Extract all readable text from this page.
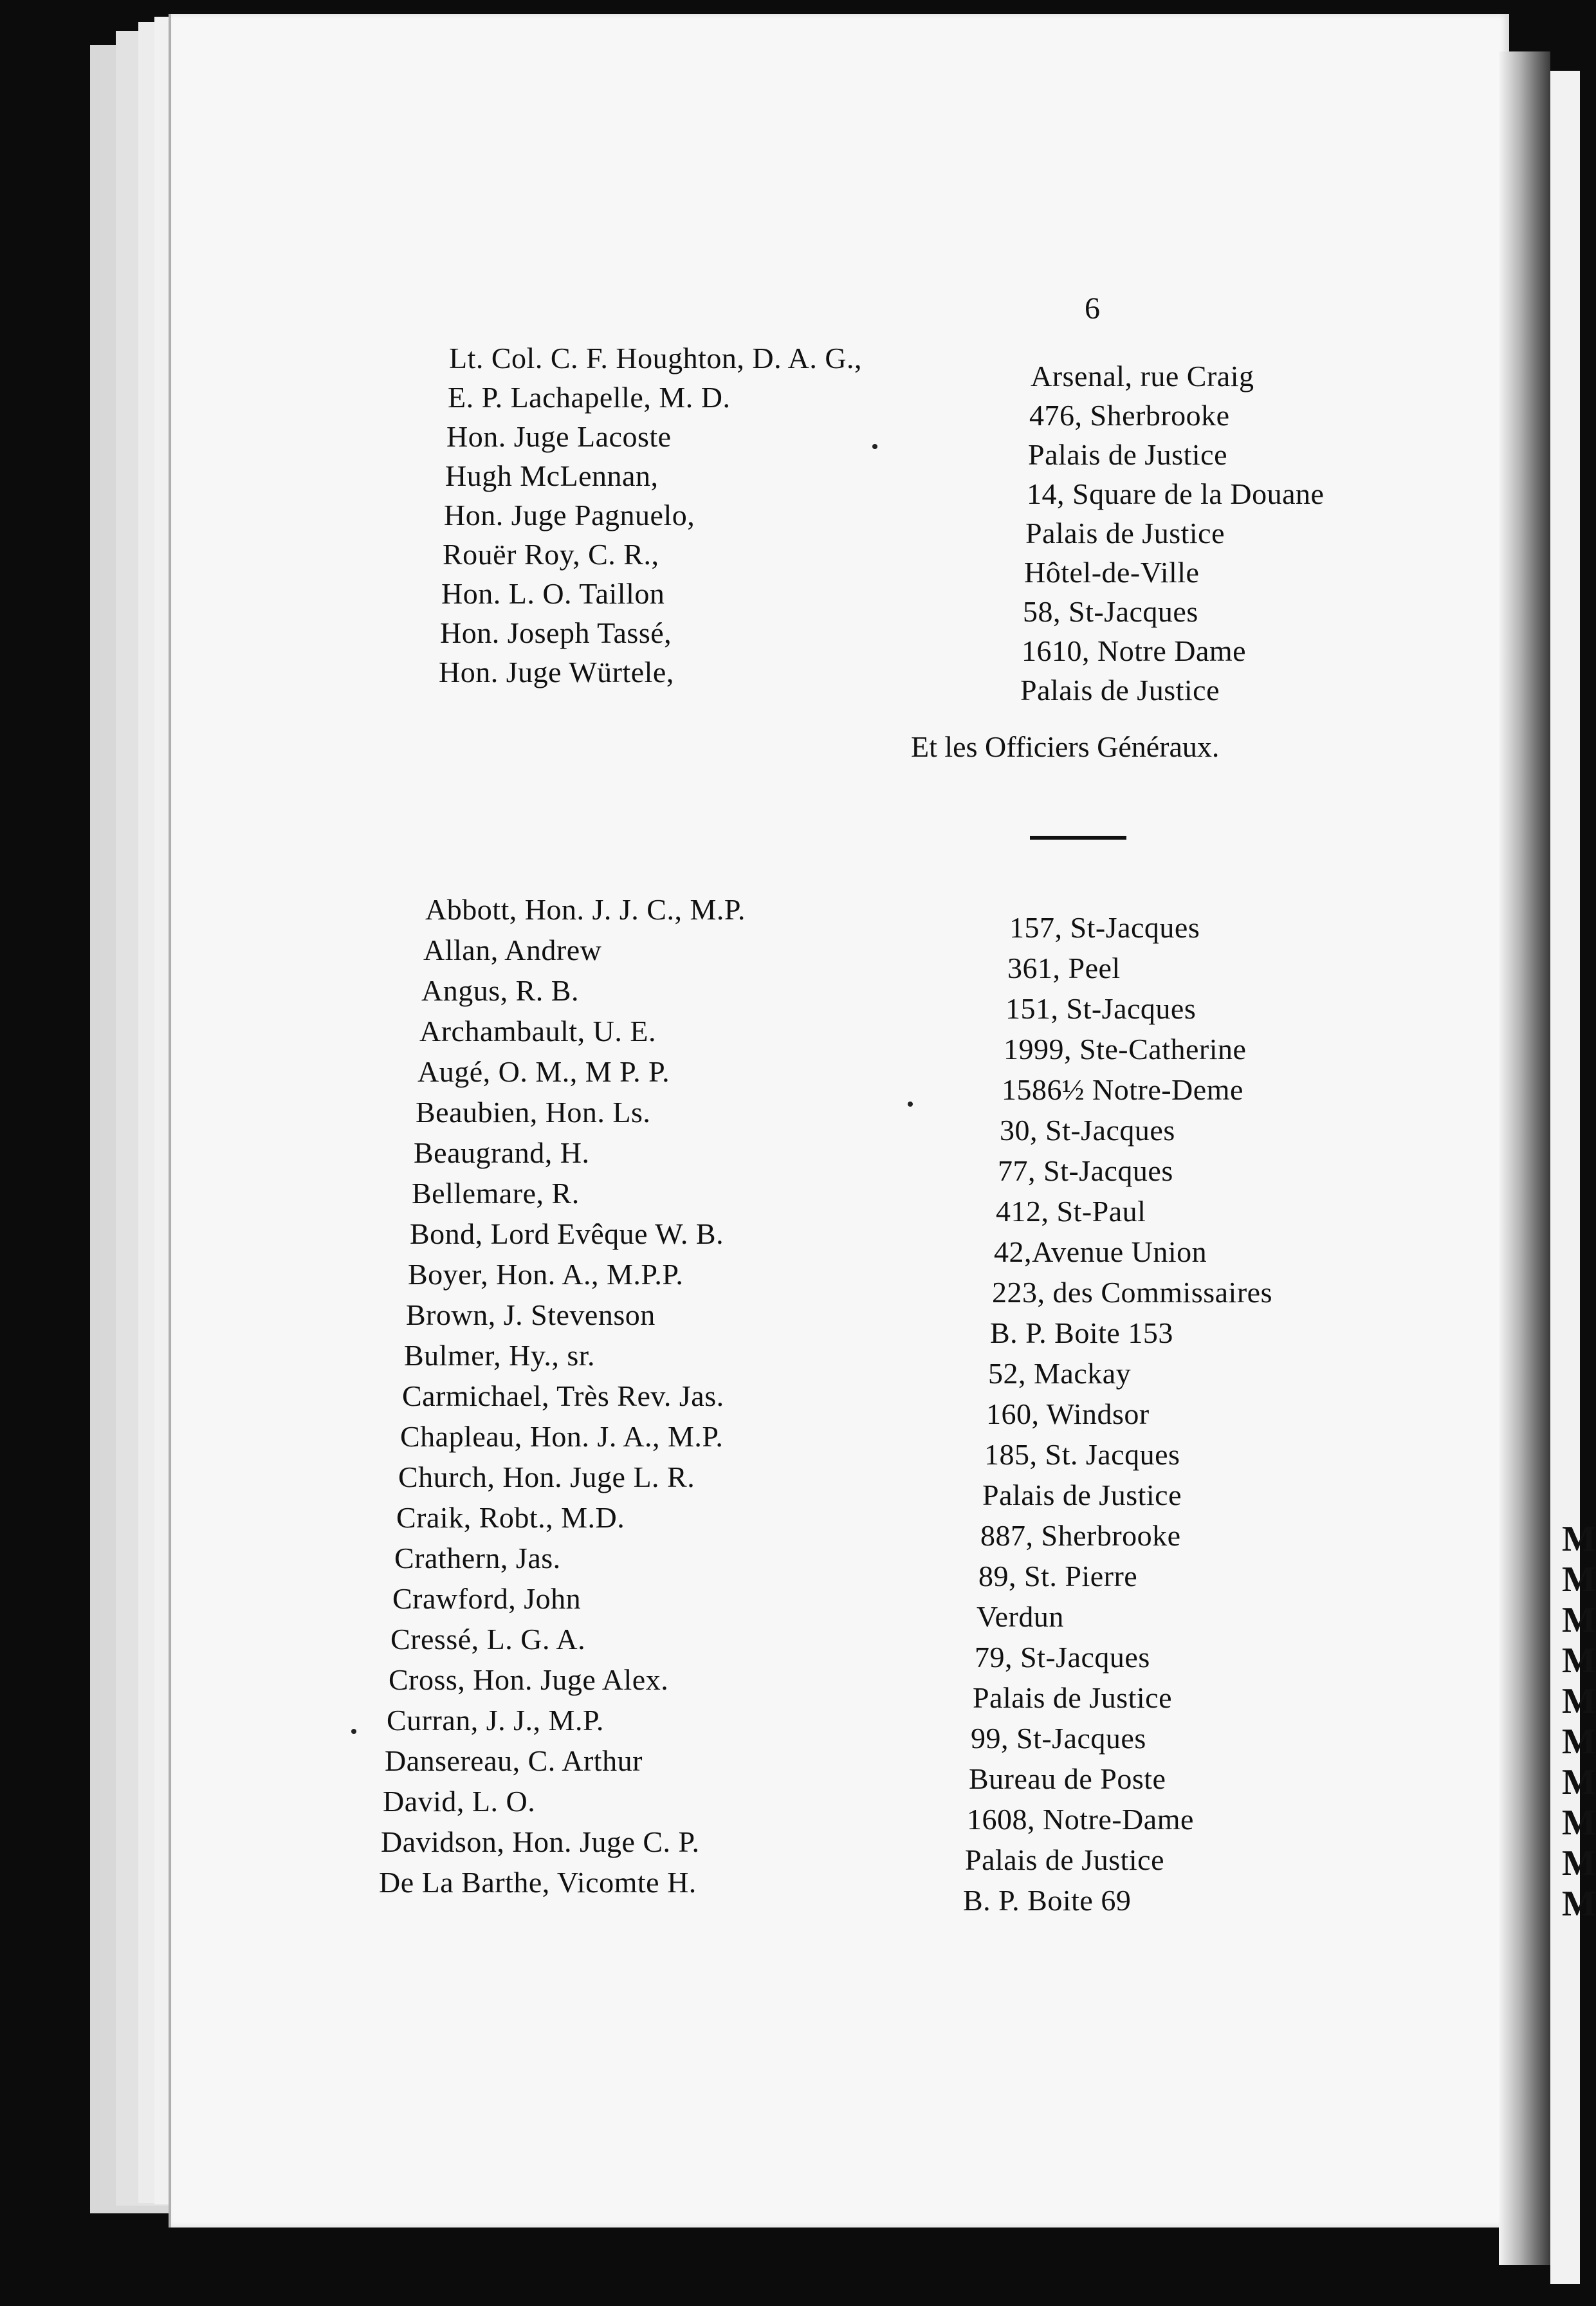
6
Lt. Col. C. F. Houghton, D. A. G.,
Arsenal, rue Craig
E. P. Lachapelle, M. D.
476, Sherbrooke
Hon. Juge Lacoste
Palais de Justice
Hugh McLennan,
14, Square de la Douane
Hon. Juge Pagnuelo,
Palais de Justice
Rouër Roy, C. R.,
Hôtel-de-Ville
Hon. L. O. Taillon
58, St-Jacques
Hon. Joseph Tassé,
1610, Notre Dame
Hon. Juge Würtele,
Palais de Justice
Et les Officiers Généraux.
Abbott, Hon. J. J. C., M.P.
157, St-Jacques
Allan, Andrew
361, Peel
Angus, R. B.
151, St-Jacques
Archambault, U. E.
1999, Ste-Catherine
Augé, O. M., M P. P.
1586½ Notre-Deme
Beaubien, Hon. Ls.
30, St-Jacques
Beaugrand, H.
77, St-Jacques
Bellemare, R.
412, St-Paul
Bond, Lord Evêque W. B.
42,Avenue Union
Boyer, Hon. A., M.P.P.
223, des Commissaires
Brown, J. Stevenson
B. P. Boite 153
Bulmer, Hy., sr.
52, Mackay
Carmichael, Très Rev. Jas.
160, Windsor
Chapleau, Hon. J. A., M.P.
185, St. Jacques
Church, Hon. Juge L. R.
Palais de Justice
Craik, Robt., M.D.
887, Sherbrooke
Crathern, Jas.
89, St. Pierre
Crawford, John
Verdun
Cressé, L. G. A.
79, St-Jacques
Cross, Hon. Juge Alex.
Palais de Justice
Curran, J. J., M.P.
99, St-Jacques
Dansereau, C. Arthur
Bureau de Poste
David, L. O.
1608, Notre-Dame
Davidson, Hon. Juge C. P.
Palais de Justice
De La Barthe, Vicomte H.
B. P. Boite 69
M
M
M
M
M
M
M
M
M
M
